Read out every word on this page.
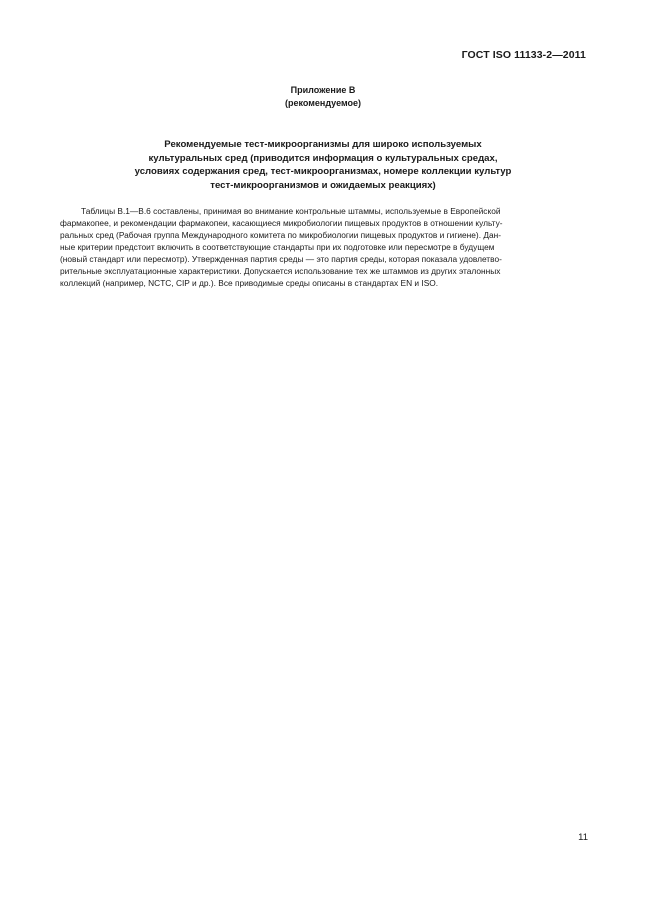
ГОСТ ISO 11133-2—2011
Приложение В
(рекомендуемое)
Рекомендуемые тест-микроорганизмы для широко используемых
культуральных сред (приводится информация о культуральных средах,
условиях содержания сред, тест-микроорганизмах, номере коллекции культур
тест-микроорганизмов и ожидаемых реакциях)
Таблицы В.1—В.6 составлены, принимая во внимание контрольные штаммы, используемые в Европейской
фармакопее, и рекомендации фармакопеи, касающиеся микробиологии пищевых продуктов в отношении культу-
ральных сред (Рабочая группа Международного комитета по микробиологии пищевых продуктов и гигиене). Дан-
ные критерии предстоит включить в соответствующие стандарты при их подготовке или пересмотре в будущем
(новый стандарт или пересмотр). Утвержденная партия среды — это партия среды, которая показала удовлетво-
рительные эксплуатационные характеристики. Допускается использование тех же штаммов из других эталонных
коллекций (например, NCTC, CIP и др.). Все приводимые среды описаны в стандартах EN и ISO.
11
